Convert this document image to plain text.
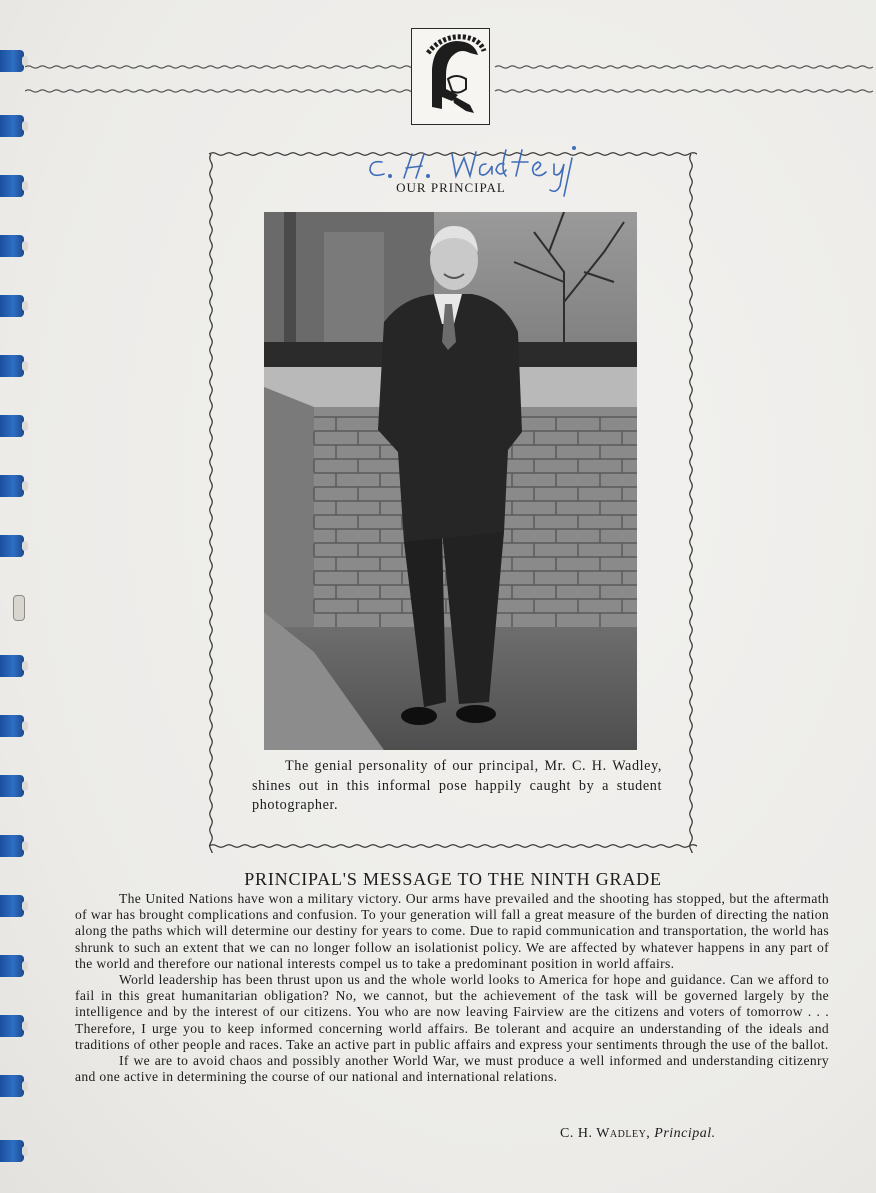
OUR PRINCIPAL
The genial personality of our principal, Mr. C. H. Wadley, shines out in this informal pose happily caught by a student photographer.
PRINCIPAL'S MESSAGE TO THE NINTH GRADE

The United Nations have won a military victory. Our arms have prevailed and the shooting has stopped, but the aftermath of war has brought complications and confusion. To your generation will fall a great measure of the burden of directing the nation along the paths which will determine our destiny for years to come. Due to rapid communication and transportation, the world has shrunk to such an extent that we can no longer follow an isolationist policy. We are affected by whatever happens in any part of the world and therefore our national interests compel us to take a predominant position in world affairs.

World leadership has been thrust upon us and the whole world looks to America for hope and guidance. Can we afford to fail in this great humanitarian obligation? No, we cannot, but the achievement of the task will be governed largely by the intelligence and by the interest of our citizens. You who are now leaving Fairview are the citizens and voters of tomorrow . . . Therefore, I urge you to keep informed concerning world affairs. Be tolerant and acquire an understanding of the ideals and traditions of other people and races. Take an active part in public affairs and express your sentiments through the use of the ballot.

If we are to avoid chaos and possibly another World War, we must produce a well informed and understanding citizenry and one active in determining the course of our national and international relations.

C. H. Wadley, Principal.
